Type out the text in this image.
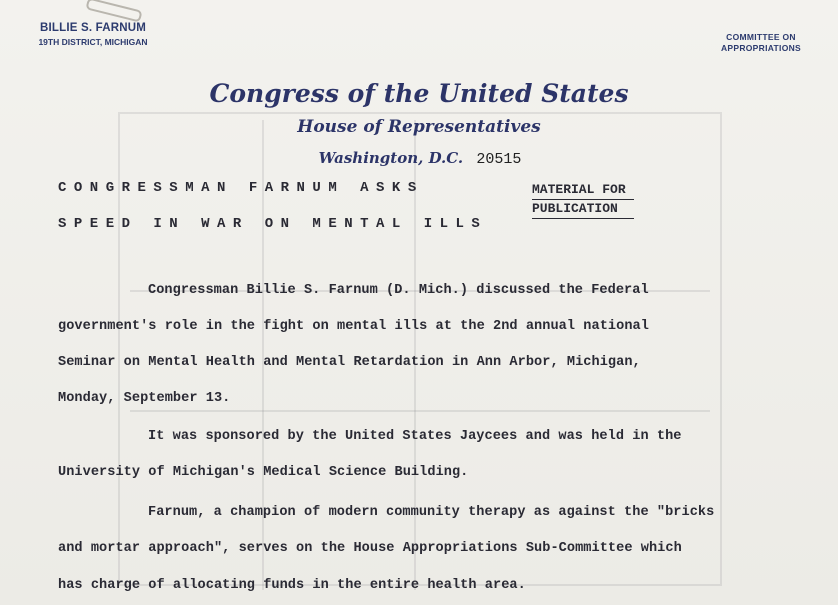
BILLIE S. FARNUM
19TH DISTRICT, MICHIGAN	COMMITTEE ON
APPROPRIATIONS
Congress of the United States
House of Representatives
Washington, D.C. 20515
CONGRESSMAN FARNUM ASKS
SPEED IN WAR ON MENTAL ILLS
MATERIAL FOR
PUBLICATION
Congressman Billie S. Farnum (D. Mich.) discussed the Federal
government's role in the fight on mental ills at the 2nd annual national
Seminar on Mental Health and Mental Retardation in Ann Arbor, Michigan,
Monday, September 13.
It was sponsored by the United States Jaycees and was held in the
University of Michigan's Medical Science Building.
Farnum, a champion of modern community therapy as against the "bricks
and mortar approach", serves on the House Appropriations Sub-Committee which
has charge of allocating funds in the entire health area.
